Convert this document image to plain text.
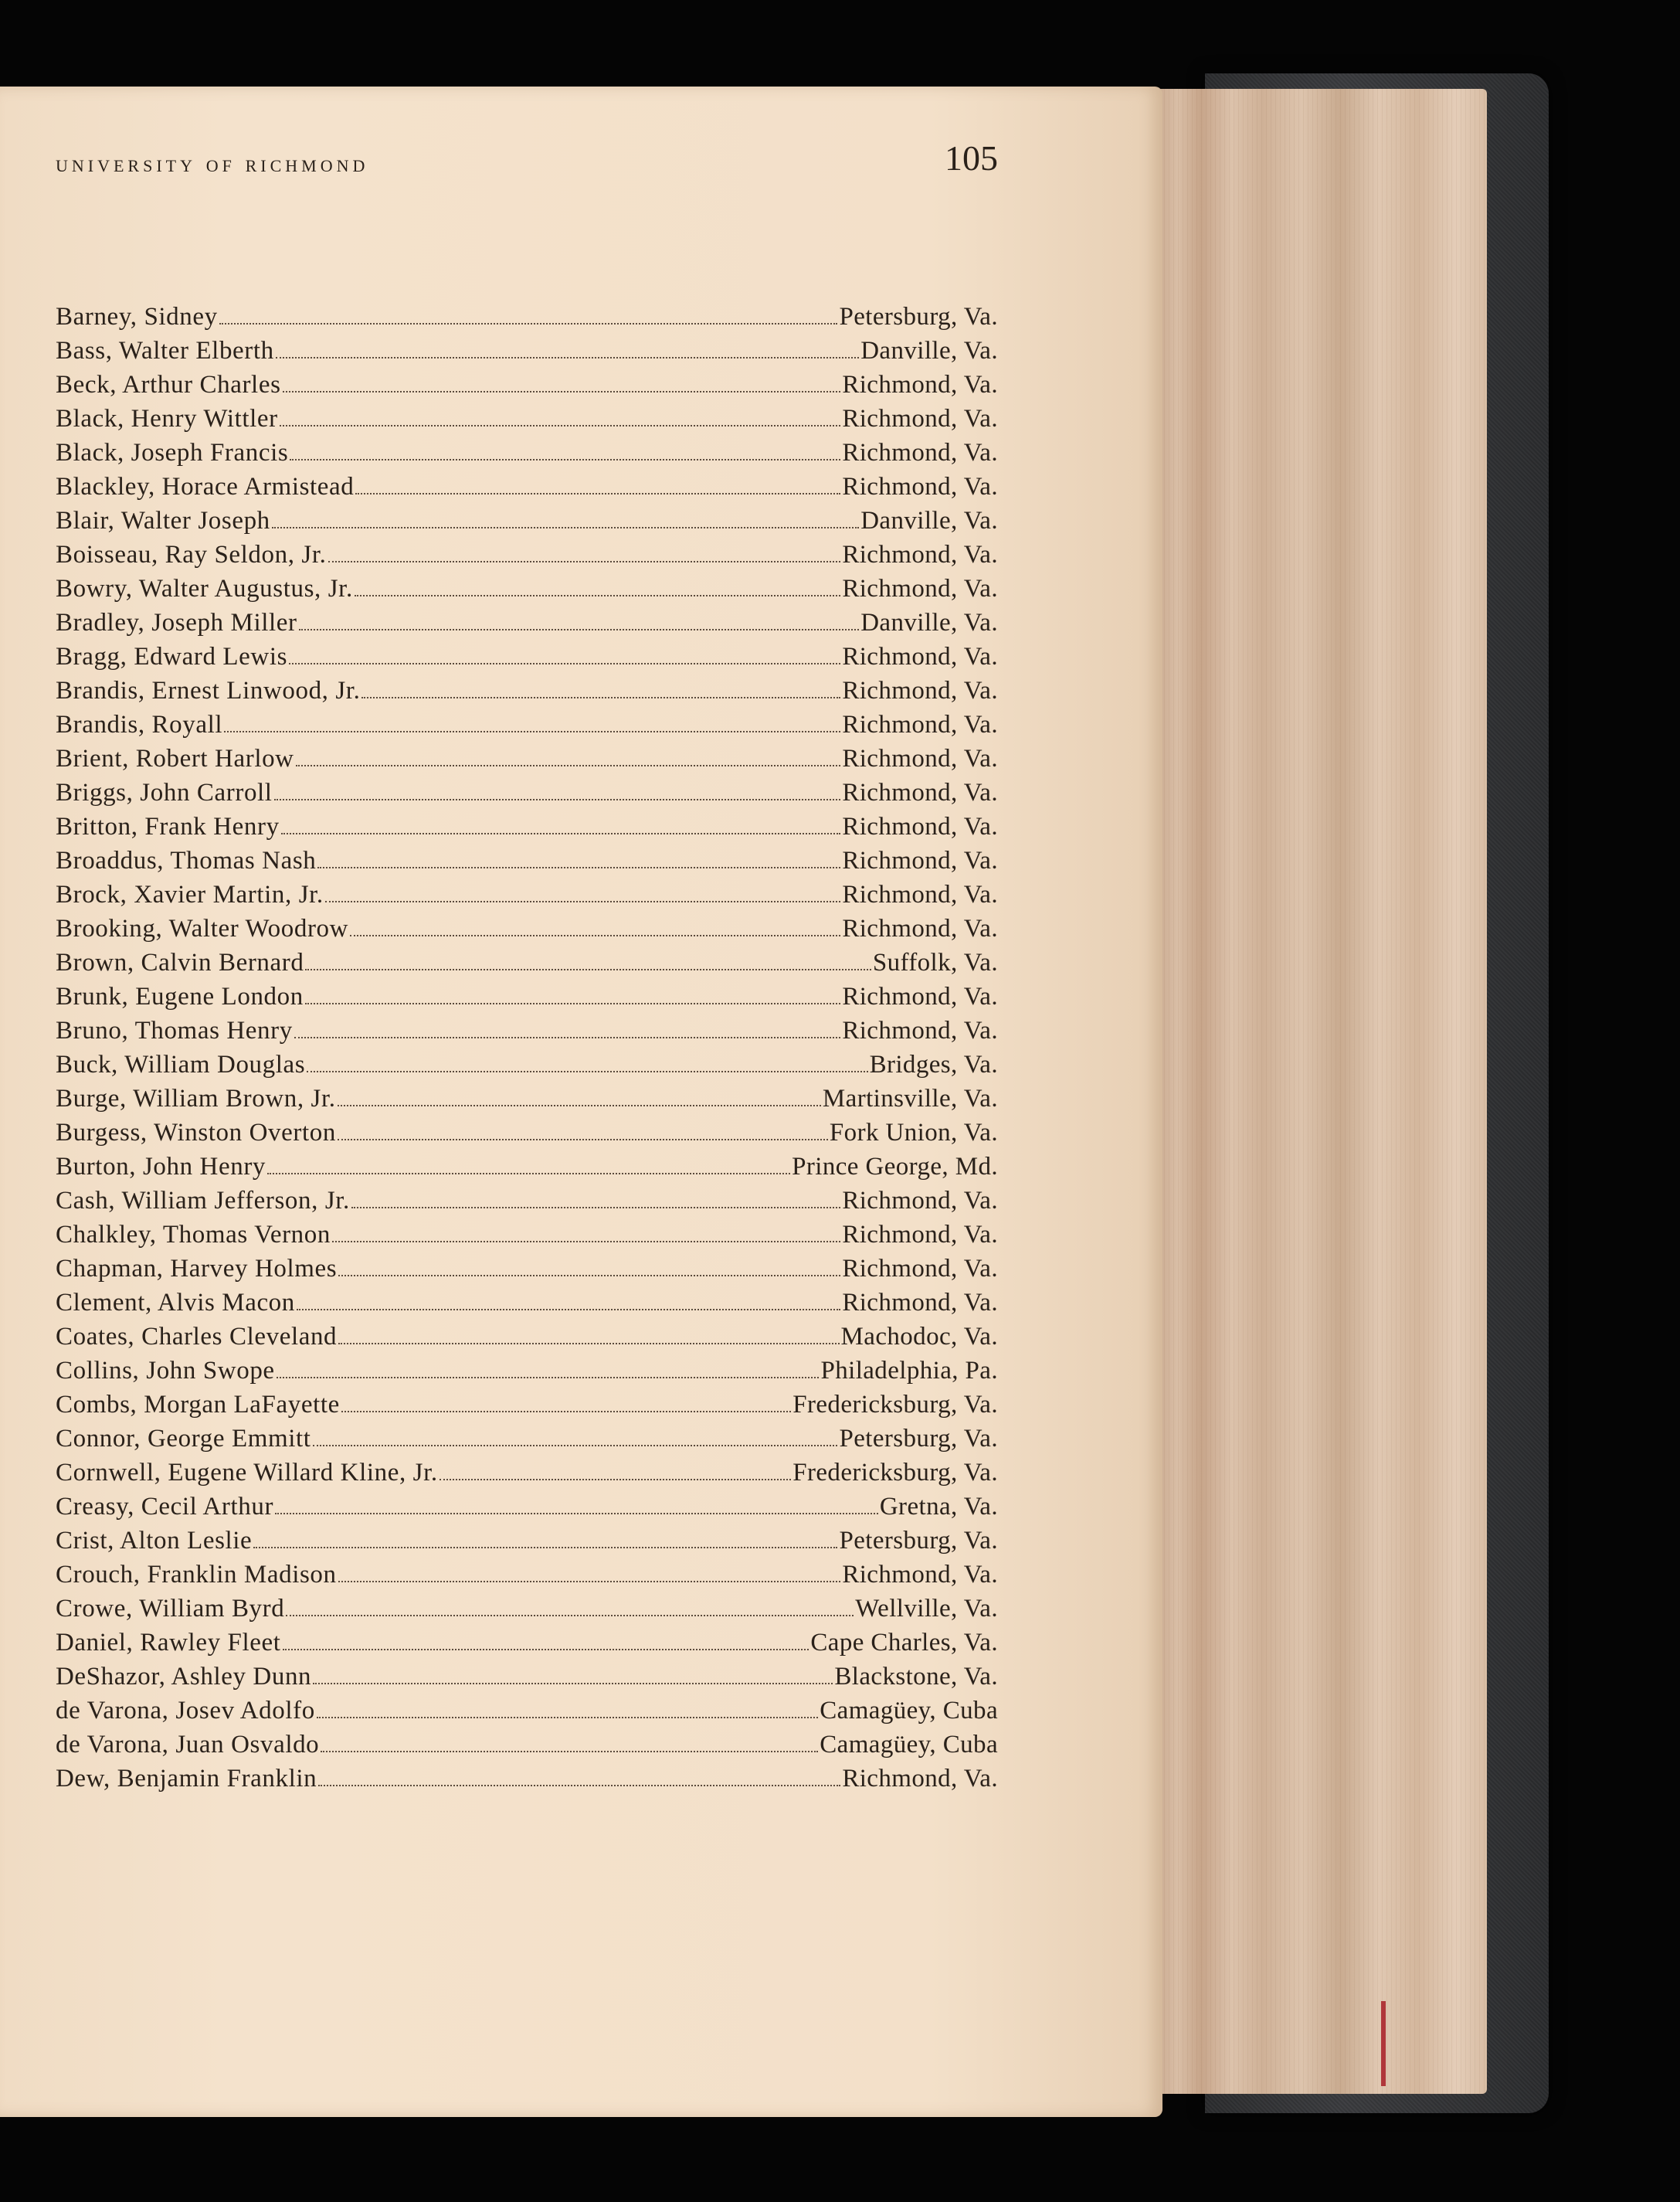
university of richmond	105
Barney, Sidney	Petersburg, Va.
Bass, Walter Elberth	Danville, Va.
Beck, Arthur Charles	Richmond, Va.
Black, Henry Wittler	Richmond, Va.
Black, Joseph Francis	Richmond, Va.
Blackley, Horace Armistead	Richmond, Va.
Blair, Walter Joseph	Danville, Va.
Boisseau, Ray Seldon, Jr.	Richmond, Va.
Bowry, Walter Augustus, Jr.	Richmond, Va.
Bradley, Joseph Miller	Danville, Va.
Bragg, Edward Lewis	Richmond, Va.
Brandis, Ernest Linwood, Jr.	Richmond, Va.
Brandis, Royall	Richmond, Va.
Brient, Robert Harlow	Richmond, Va.
Briggs, John Carroll	Richmond, Va.
Britton, Frank Henry	Richmond, Va.
Broaddus, Thomas Nash	Richmond, Va.
Brock, Xavier Martin, Jr.	Richmond, Va.
Brooking, Walter Woodrow	Richmond, Va.
Brown, Calvin Bernard	Suffolk, Va.
Brunk, Eugene London	Richmond, Va.
Bruno, Thomas Henry	Richmond, Va.
Buck, William Douglas	Bridges, Va.
Burge, William Brown, Jr.	Martinsville, Va.
Burgess, Winston Overton	Fork Union, Va.
Burton, John Henry	Prince George, Md.
Cash, William Jefferson, Jr.	Richmond, Va.
Chalkley, Thomas Vernon	Richmond, Va.
Chapman, Harvey Holmes	Richmond, Va.
Clement, Alvis Macon	Richmond, Va.
Coates, Charles Cleveland	Machodoc, Va.
Collins, John Swope	Philadelphia, Pa.
Combs, Morgan LaFayette	Fredericksburg, Va.
Connor, George Emmitt	Petersburg, Va.
Cornwell, Eugene Willard Kline, Jr.	Fredericksburg, Va.
Creasy, Cecil Arthur	Gretna, Va.
Crist, Alton Leslie	Petersburg, Va.
Crouch, Franklin Madison	Richmond, Va.
Crowe, William Byrd	Wellville, Va.
Daniel, Rawley Fleet	Cape Charles, Va.
DeShazor, Ashley Dunn	Blackstone, Va.
de Varona, Josev Adolfo	Camagüey, Cuba
de Varona, Juan Osvaldo	Camagüey, Cuba
Dew, Benjamin Franklin	Richmond, Va.
